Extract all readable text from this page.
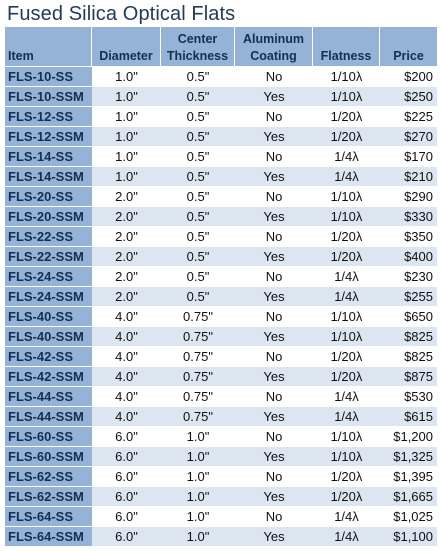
Fused Silica Optical Flats
Item	Diameter	Center Thickness	Aluminum Coating	Flatness	Price
FLS-10-SS	1.0"	0.5"	No	1/10λ	$200
FLS-10-SSM	1.0"	0.5"	Yes	1/10λ	$250
FLS-12-SS	1.0"	0.5"	No	1/20λ	$225
FLS-12-SSM	1.0"	0.5"	Yes	1/20λ	$270
FLS-14-SS	1.0"	0.5"	No	1/4λ	$170
FLS-14-SSM	1.0"	0.5"	Yes	1/4λ	$210
FLS-20-SS	2.0"	0.5"	No	1/10λ	$290
FLS-20-SSM	2.0"	0.5"	Yes	1/10λ	$330
FLS-22-SS	2.0"	0.5"	No	1/20λ	$350
FLS-22-SSM	2.0"	0.5"	Yes	1/20λ	$400
FLS-24-SS	2.0"	0.5"	No	1/4λ	$230
FLS-24-SSM	2.0"	0.5"	Yes	1/4λ	$255
FLS-40-SS	4.0"	0.75"	No	1/10λ	$650
FLS-40-SSM	4.0"	0.75"	Yes	1/10λ	$825
FLS-42-SS	4.0"	0.75"	No	1/20λ	$825
FLS-42-SSM	4.0"	0.75"	Yes	1/20λ	$875
FLS-44-SS	4.0"	0.75"	No	1/4λ	$530
FLS-44-SSM	4.0"	0.75"	Yes	1/4λ	$615
FLS-60-SS	6.0"	1.0"	No	1/10λ	$1,200
FLS-60-SSM	6.0"	1.0"	Yes	1/10λ	$1,325
FLS-62-SS	6.0"	1.0"	No	1/20λ	$1,395
FLS-62-SSM	6.0"	1.0"	Yes	1/20λ	$1,665
FLS-64-SS	6.0"	1.0"	No	1/4λ	$1,025
FLS-64-SSM	6.0"	1.0"	Yes	1/4λ	$1,100
